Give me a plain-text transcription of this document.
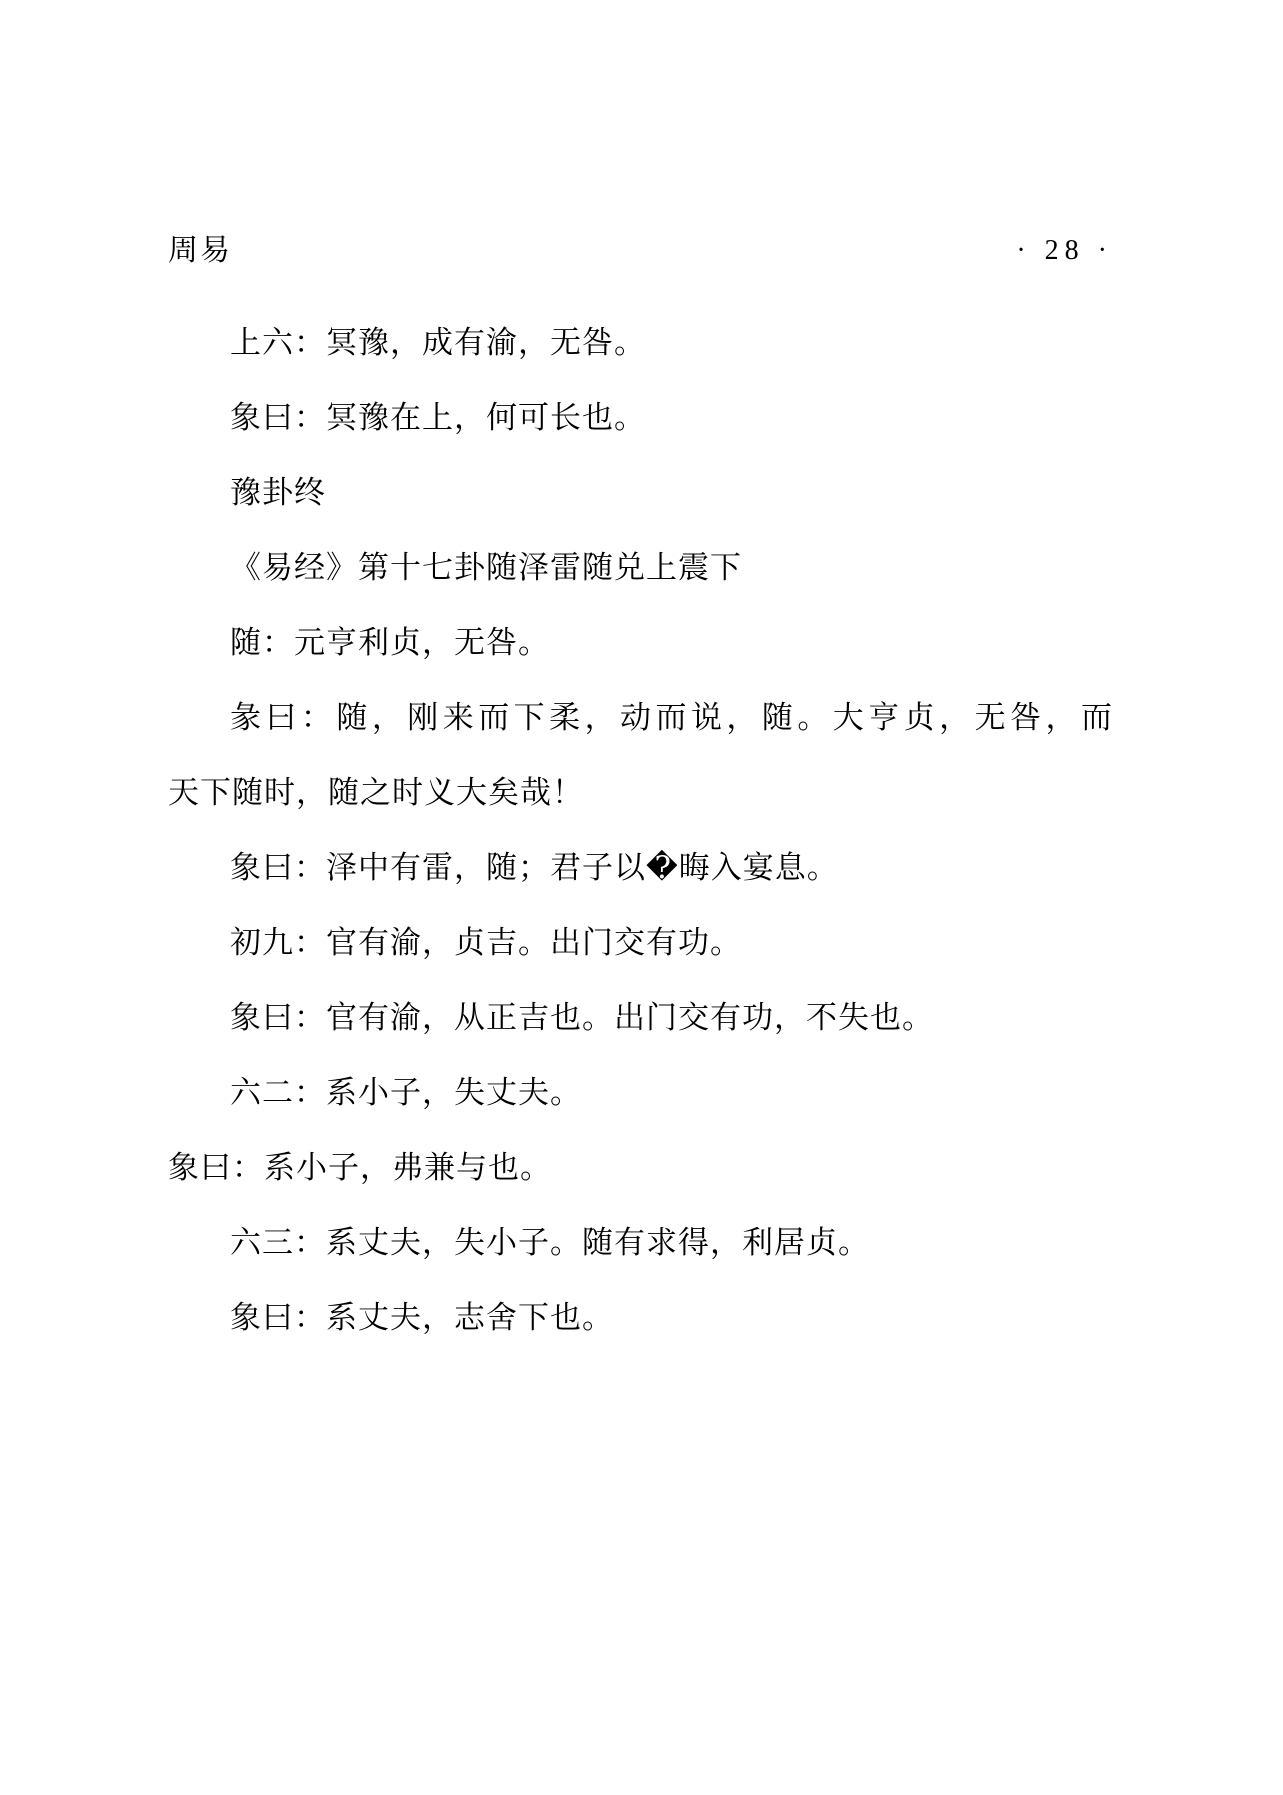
周易	· 28 ·
上六：冥豫，成有渝，无咎。
象曰：冥豫在上，何可长也。
豫卦终
《易经》第十七卦随泽雷随兑上震下
随：元亨利贞，无咎。
彖曰：随，刚来而下柔，动而说，随。大亨贞，无咎，而
天下随时，随之时义大矣哉！
象曰：泽中有雷，随；君子以�晦入宴息。
初九：官有渝，贞吉。出门交有功。
象曰：官有渝，从正吉也。出门交有功，不失也。
六二：系小子，失丈夫。
象曰：系小子，弗兼与也。
六三：系丈夫，失小子。随有求得，利居贞。
象曰：系丈夫，志舍下也。
